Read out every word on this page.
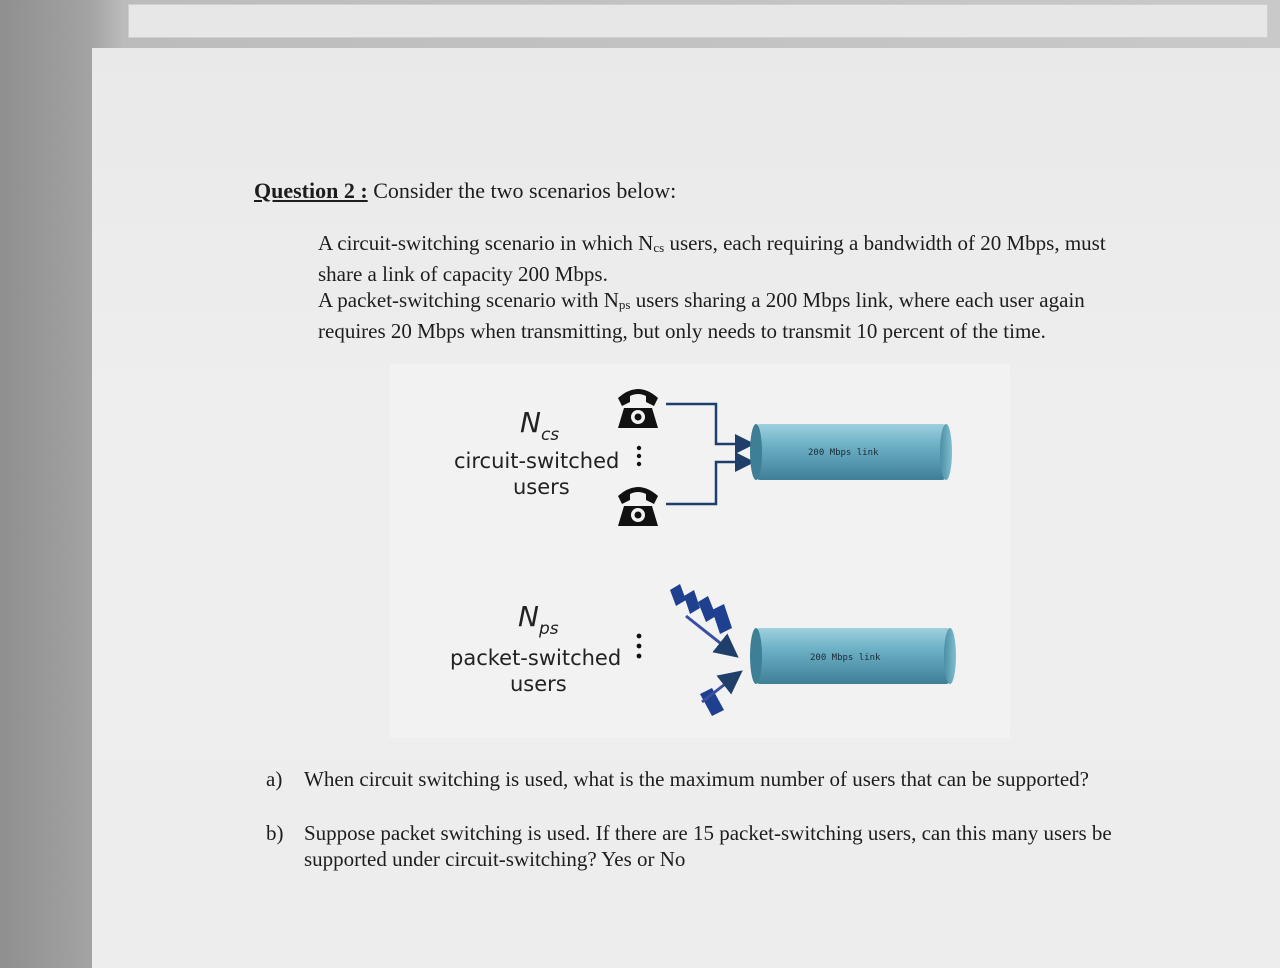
Question 2 : Consider the two scenarios below:

A circuit-switching scenario in which $N_{cs}$ users, each requiring a bandwidth of 20 Mbps, must share a link of capacity 200 Mbps.

A packet-switching scenario with $N_{ps}$ users sharing a 200 Mbps link, where each user again requires 20 Mbps when transmitting, but only needs to transmit 10 percent of the time.

$N_{cs}$
circuit-switched
users
200 Mbps link
$N_{ps}$
packet-switched
users
200 Mbps link
a) When circuit switching is used, what is the maximum number of users that can be supported?
b) Suppose packet switching is used. If there are 15 packet-switching users, can this many users be supported under circuit-switching? Yes or No
